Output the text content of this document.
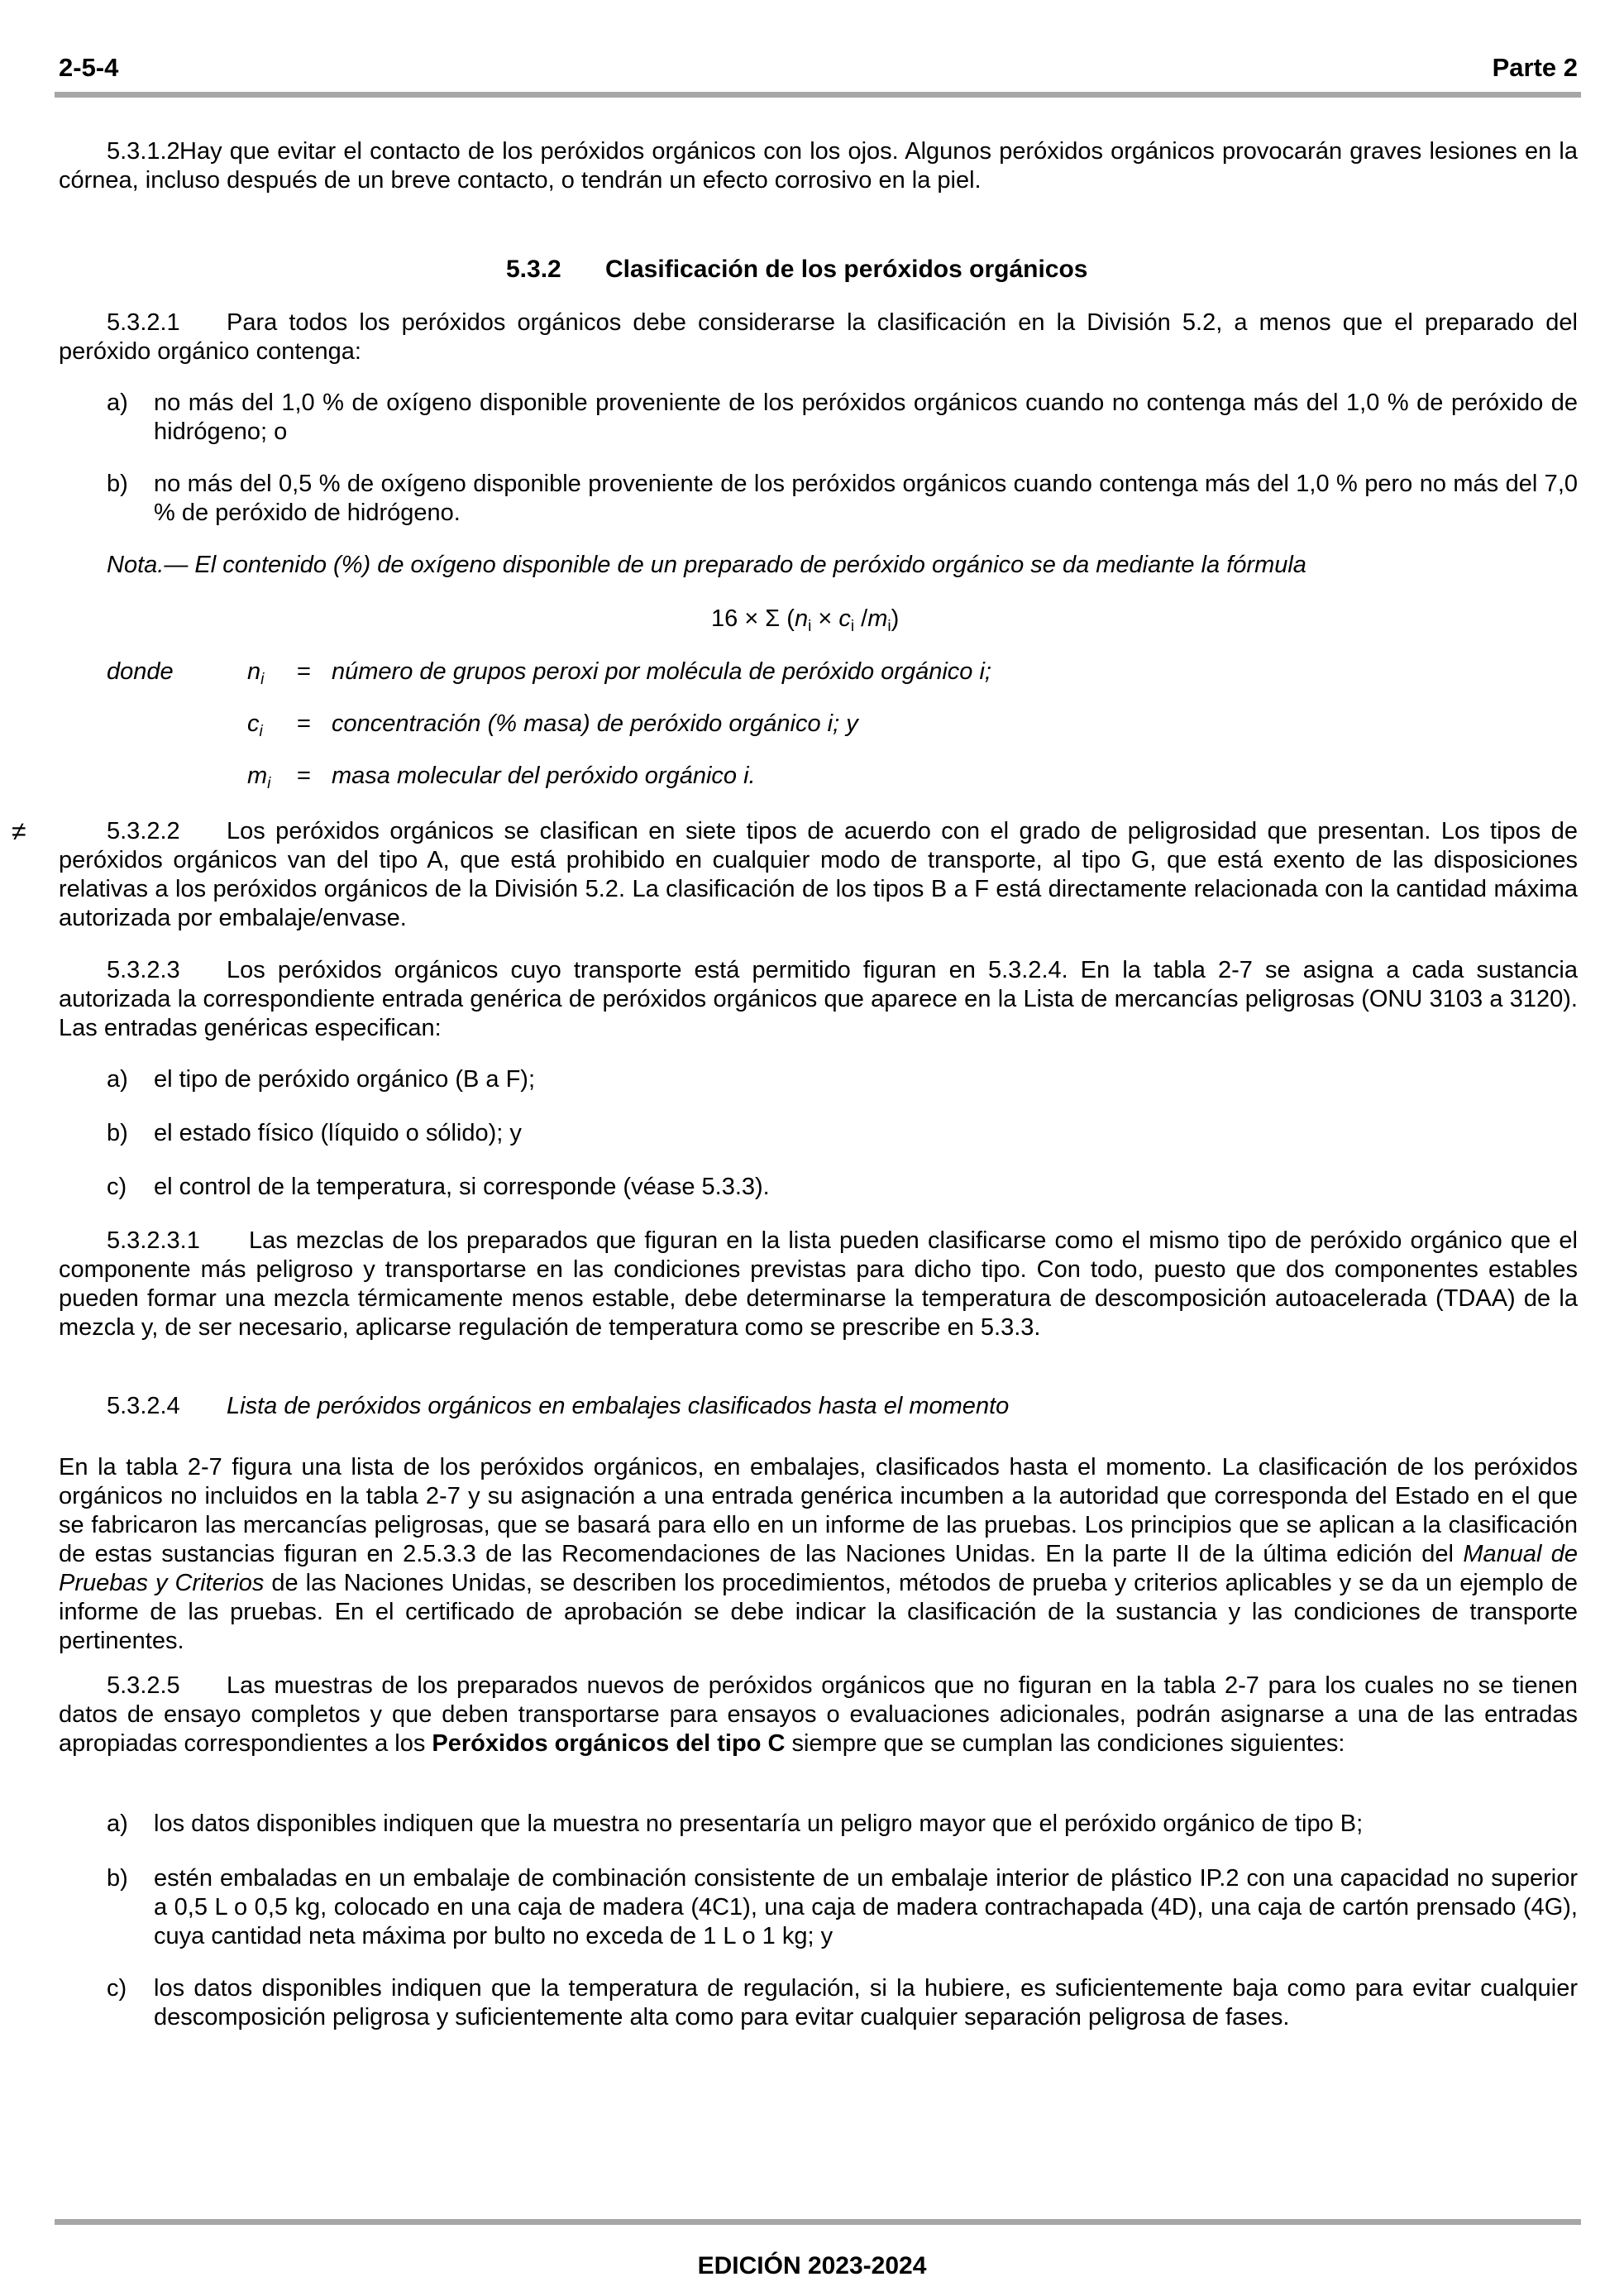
2-5-4	Parte 2

5.3.1.2Hay que evitar el contacto de los peróxidos orgánicos con los ojos. Algunos peróxidos orgánicos provocarán graves lesiones en la córnea, incluso después de un breve contacto, o tendrán un efecto corrosivo en la piel.

5.3.2 Clasificación de los peróxidos orgánicos

5.3.2.1 Para todos los peróxidos orgánicos debe considerarse la clasificación en la División 5.2, a menos que el preparado del peróxido orgánico contenga:

a) no más del 1,0 % de oxígeno disponible proveniente de los peróxidos orgánicos cuando no contenga más del 1,0 % de peróxido de hidrógeno; o
b) no más del 0,5 % de oxígeno disponible proveniente de los peróxidos orgánicos cuando contenga más del 1,0 % pero no más del 7,0 % de peróxido de hidrógeno.
Nota.— El contenido (%) de oxígeno disponible de un preparado de peróxido orgánico se da mediante la fórmula
16 × Σ ($n_i \times c_i$ $/m_i$)
donde	$n_i$ = número de grupos peroxi por molécula de peróxido orgánico i;
$c_i$ = concentración (% masa) de peróxido orgánico i; y
$m_i$ = masa molecular del peróxido orgánico i.
≠	5.3.2.2 Los peróxidos orgánicos se clasifican en siete tipos de acuerdo con el grado de peligrosidad que presentan. Los tipos de peróxidos orgánicos van del tipo A, que está prohibido en cualquier modo de transporte, al tipo G, que está exento de las disposiciones relativas a los peróxidos orgánicos de la División 5.2. La clasificación de los tipos B a F está directamente relacionada con la cantidad máxima autorizada por embalaje/envase.

5.3.2.3 Los peróxidos orgánicos cuyo transporte está permitido figuran en 5.3.2.4. En la tabla 2-7 se asigna a cada sustancia autorizada la correspondiente entrada genérica de peróxidos orgánicos que aparece en la Lista de mercancías peligrosas (ONU 3103 a 3120). Las entradas genéricas especifican:

a) el tipo de peróxido orgánico (B a F);
b) el estado físico (líquido o sólido); y
c) el control de la temperatura, si corresponde (véase 5.3.3).

5.3.2.3.1 Las mezclas de los preparados que figuran en la lista pueden clasificarse como el mismo tipo de peróxido orgánico que el componente más peligroso y transportarse en las condiciones previstas para dicho tipo. Con todo, puesto que dos componentes estables pueden formar una mezcla térmicamente menos estable, debe determinarse la temperatura de descomposición autoacelerada (TDAA) de la mezcla y, de ser necesario, aplicarse regulación de temperatura como se prescribe en 5.3.3.

5.3.2.4 Lista de peróxidos orgánicos en embalajes clasificados hasta el momento

En la tabla 2-7 figura una lista de los peróxidos orgánicos, en embalajes, clasificados hasta el momento. La clasificación de los peróxidos orgánicos no incluidos en la tabla 2-7 y su asignación a una entrada genérica incumben a la autoridad que corresponda del Estado en el que se fabricaron las mercancías peligrosas, que se basará para ello en un informe de las pruebas. Los principios que se aplican a la clasificación de estas sustancias figuran en 2.5.3.3 de las Recomendaciones de las Naciones Unidas. En la parte II de la última edición del Manual de Pruebas y Criterios de las Naciones Unidas, se describen los procedimientos, métodos de prueba y criterios aplicables y se da un ejemplo de informe de las pruebas. En el certificado de aprobación se debe indicar la clasificación de la sustancia y las condiciones de transporte pertinentes.

5.3.2.5 Las muestras de los preparados nuevos de peróxidos orgánicos que no figuran en la tabla 2-7 para los cuales no se tienen datos de ensayo completos y que deben transportarse para ensayos o evaluaciones adicionales, podrán asignarse a una de las entradas apropiadas correspondientes a los Peróxidos orgánicos del tipo C siempre que se cumplan las condiciones siguientes:

a) los datos disponibles indiquen que la muestra no presentaría un peligro mayor que el peróxido orgánico de tipo B;
b) estén embaladas en un embalaje de combinación consistente de un embalaje interior de plástico IP.2 con una capacidad no superior a 0,5 L o 0,5 kg, colocado en una caja de madera (4C1), una caja de madera contrachapada (4D), una caja de cartón prensado (4G), cuya cantidad neta máxima por bulto no exceda de 1 L o 1 kg; y
c) los datos disponibles indiquen que la temperatura de regulación, si la hubiere, es suficientemente baja como para evitar cualquier descomposición peligrosa y suficientemente alta como para evitar cualquier separación peligrosa de fases.
EDICIÓN 2023-2024
